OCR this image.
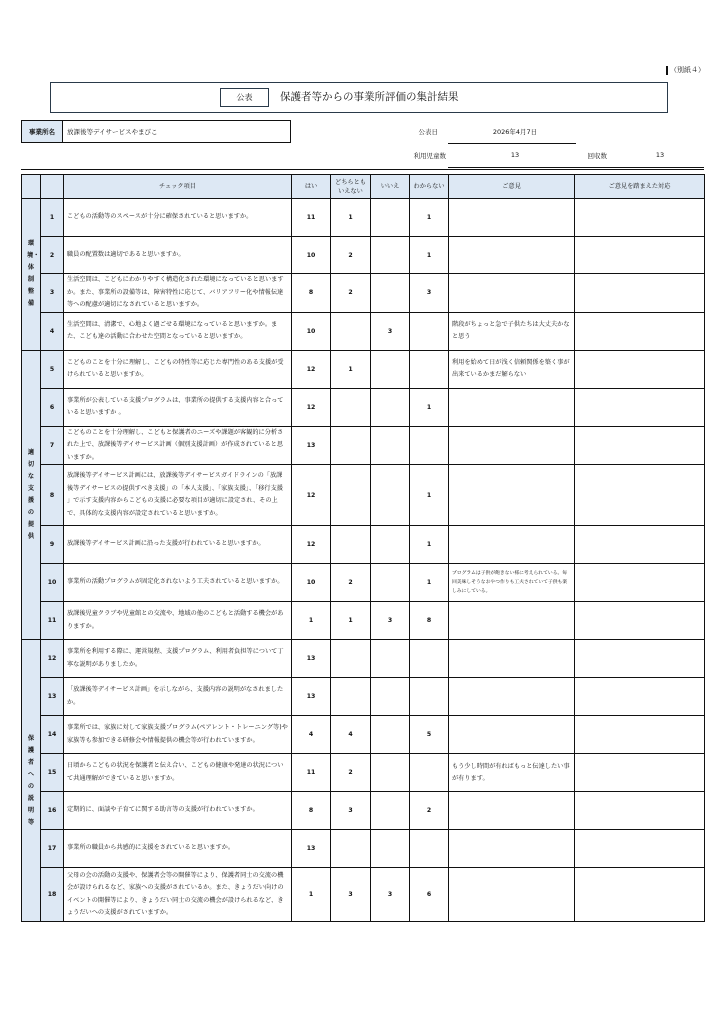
（別紙４）
公表	保護者等からの事業所評価の集計結果
事業所名	放課後等デイサービスやまびこ	公表日	2026年4月7日
利用児童数	13	回収数	13
		チェック項目	はい	どちらともいえない	いいえ	わからない	ご意見	ご意見を踏まえた対応
環境・体制整備	1	こどもの活動等のスペースが十分に確保されていると思いますか。	11	1		1		
	2	職員の配置数は適切であると思いますか。	10	2		1		
	3	生活空間は、こどもにわかりやすく構造化された環境になっていると思いますか。また、事業所の設備等は、障害特性に応じて、バリアフリー化や情報伝達等への配慮が適切になされていると思いますか。	8	2		3		
	4	生活空間は、清潔で、心地よく過ごせる環境になっていると思いますか。また、こども達の活動に合わせた空間となっていると思いますか。	10		3		階段がちょっと急で子供たちは大丈夫かなと思う	
適切な支援の提供	5	こどものことを十分に理解し、こどもの特性等に応じた専門性のある支援が受けられていると思いますか。	12	1			利用を始めて日が浅く信頼関係を築く事が出来ているかまだ解らない	
	6	事業所が公表している支援プログラムは、事業所の提供する支援内容と合っていると思いますか 。	12			1		
	7	こどものことを十分理解し、こどもと保護者のニーズや課題が客観的に分析された上で、放課後等デイサービス計画（個別支援計画）が作成されていると思いますか。	13					
	8	放課後等デイサービス計画には、放課後等デイサービスガイドラインの「放課後等デイサービスの提供すべき支援」の「本人支援」、「家族支援」、「移行支援 」で示す支援内容からこどもの支援に必要な項目が適切に設定され、その上で、具体的な支援内容が設定されていると思いますか。	12			1		
	9	放課後等デイサービス計画に沿った支援が行われていると思いますか。	12			1		
	10	事業所の活動プログラムが固定化されないよう工夫されていると思いますか。	10	2		1	プログラムは子供が飽きない様に考えられている。毎回美味しそうなおやつ作りも工夫されていて子供も楽しみにしている。	
	11	放課後児童クラブや児童館との交流や、地域の他のこどもと活動する機会がありますか。	1	1	3	8		
保護者への説明等	12	事業所を利用する際に、運営規程、支援プログラム、利用者負担等について丁寧な説明がありましたか。	13					
	13	「放課後等デイサービス計画」を示しながら、支援内容の説明がなされましたか。	13					
	14	事業所では、家族に対して家族支援プログラム(ペアレント・トレーニング等)や家族等も参加できる研修会や情報提供の機会等が行われていますか。	4	4		5		
	15	日頃からこどもの状況を保護者と伝え合い、こどもの健康や発達の状況について共通理解ができていると思いますか。	11	2			もう少し時間が有ればもっと伝達したい事が有ります。	
	16	定期的に、面談や子育てに関する助言等の支援が行われていますか。	8	3		2		
	17	事業所の職員から共感的に支援をされていると思いますか。	13					
	18	父母の会の活動の支援や、保護者会等の開催等により、保護者同士の交流の機会が設けられるなど、家族への支援がされているか。また、きょうだい向けのイベントの開催等により、きょうだい同士の交流の機会が設けられるなど、きょうだいへの支援がされていますか。	1	3	3	6		
